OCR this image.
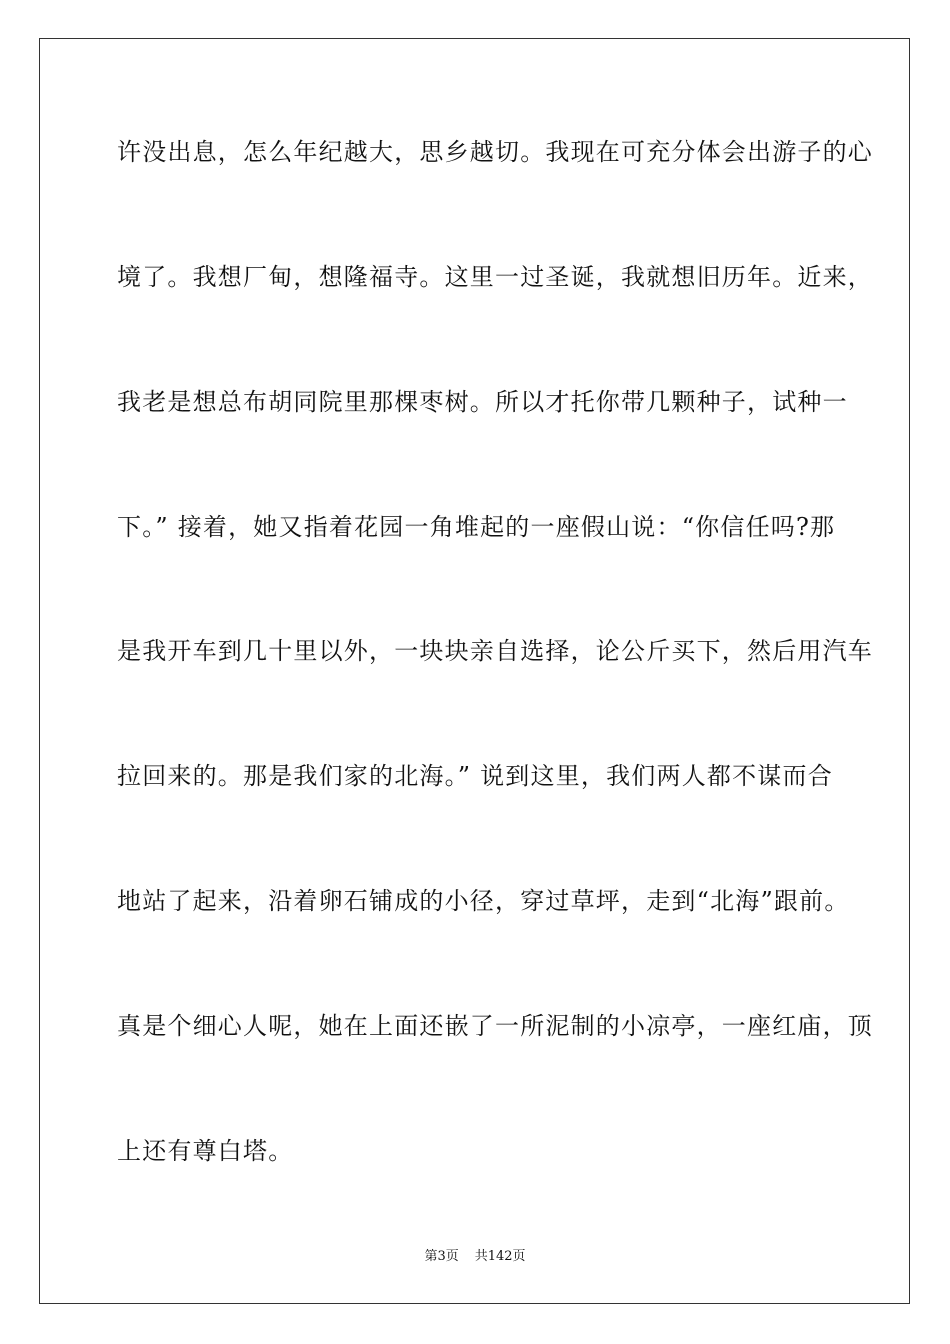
许没出息，怎么年纪越大，思乡越切。我现在可充分体会出游子的心
境了。我想厂甸，想隆福寺。这里一过圣诞，我就想旧历年。近来，
我老是想总布胡同院里那棵枣树。所以才托你带几颗种子，试种一
下。” 接着，她又指着花园一角堆起的一座假山说：“你信任吗?那
是我开车到几十里以外，一块块亲自选择，论公斤买下，然后用汽车
拉回来的。那是我们家的北海。” 说到这里，我们两人都不谋而合
地站了起来，沿着卵石铺成的小径，穿过草坪，走到“北海”跟前。
真是个细心人呢，她在上面还嵌了一所泥制的小凉亭，一座红庙，顶
上还有尊白塔。
第3页 共142页
